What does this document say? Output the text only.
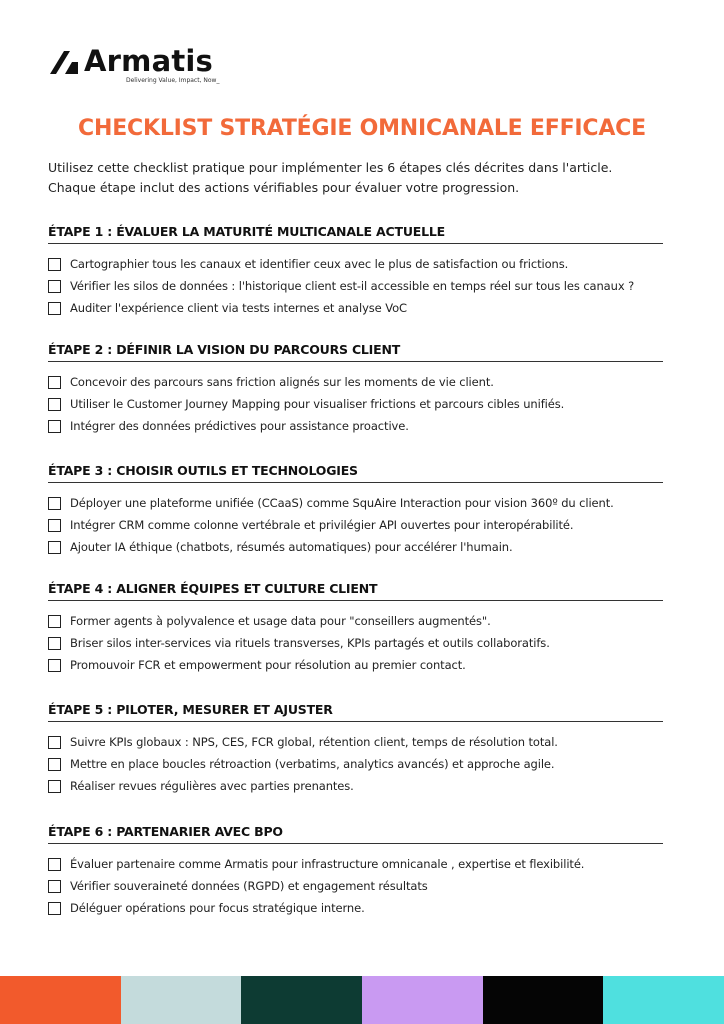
Armatis
Delivering Value, Impact, Now_
CHECKLIST STRATÉGIE OMNICANALE EFFICACE
Utilisez cette checklist pratique pour implémenter les 6 étapes clés décrites dans l'article.
Chaque étape inclut des actions vérifiables pour évaluer votre progression.
ÉTAPE 1 : ÉVALUER LA MATURITÉ MULTICANALE ACTUELLE
Cartographier tous les canaux et identifier ceux avec le plus de satisfaction ou frictions.
Vérifier les silos de données : l'historique client est-il accessible en temps réel sur tous les canaux ?
Auditer l'expérience client via tests internes et analyse VoC
ÉTAPE 2 : DÉFINIR LA VISION DU PARCOURS CLIENT
Concevoir des parcours sans friction alignés sur les moments de vie client.
Utiliser le Customer Journey Mapping pour visualiser frictions et parcours cibles unifiés.
Intégrer des données prédictives pour assistance proactive.
ÉTAPE 3 : CHOISIR OUTILS ET TECHNOLOGIES
Déployer une plateforme unifiée (CCaaS) comme SquAire Interaction pour vision 360º du client.
Intégrer CRM comme colonne vertébrale et privilégier API ouvertes pour interopérabilité.
Ajouter IA éthique (chatbots, résumés automatiques) pour accélérer l'humain.
ÉTAPE 4 : ALIGNER ÉQUIPES ET CULTURE CLIENT
Former agents à polyvalence et usage data pour "conseillers augmentés".
Briser silos inter-services via rituels transverses, KPIs partagés et outils collaboratifs.
Promouvoir FCR et empowerment pour résolution au premier contact.
ÉTAPE 5 : PILOTER, MESURER ET AJUSTER
Suivre KPIs globaux : NPS, CES, FCR global, rétention client, temps de résolution total.
Mettre en place boucles rétroaction (verbatims, analytics avancés) et approche agile.
Réaliser revues régulières avec parties prenantes.
ÉTAPE 6 : PARTENARIER AVEC BPO
Évaluer partenaire comme Armatis pour infrastructure omnicanale , expertise et flexibilité.
Vérifier souveraineté données (RGPD) et engagement résultats
Déléguer opérations pour focus stratégique interne.
